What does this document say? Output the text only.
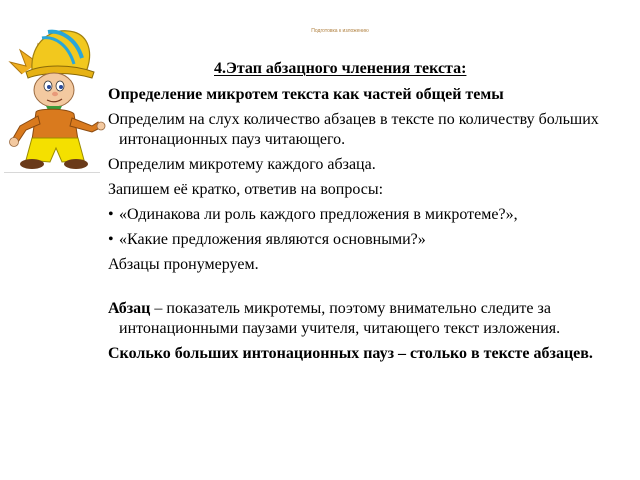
Подготовка к изложению
4.Этап абзацного членения текста:

Определение микротем текста как частей общей темы

Определим на слух количество абзацев в тексте по количеству больших интонационных пауз читающего.

Определим микротему каждого абзаца.

Запишем её кратко, ответив на вопросы:

• «Одинакова ли роль каждого предложения в микротеме?»,

• «Какие предложения являются основными?»

Абзацы пронумеруем.

Абзац – показатель микротемы, поэтому внимательно следите за интонационными паузами учителя, читающего текст изложения.

Сколько больших интонационных пауз – столько в тексте абзацев.
